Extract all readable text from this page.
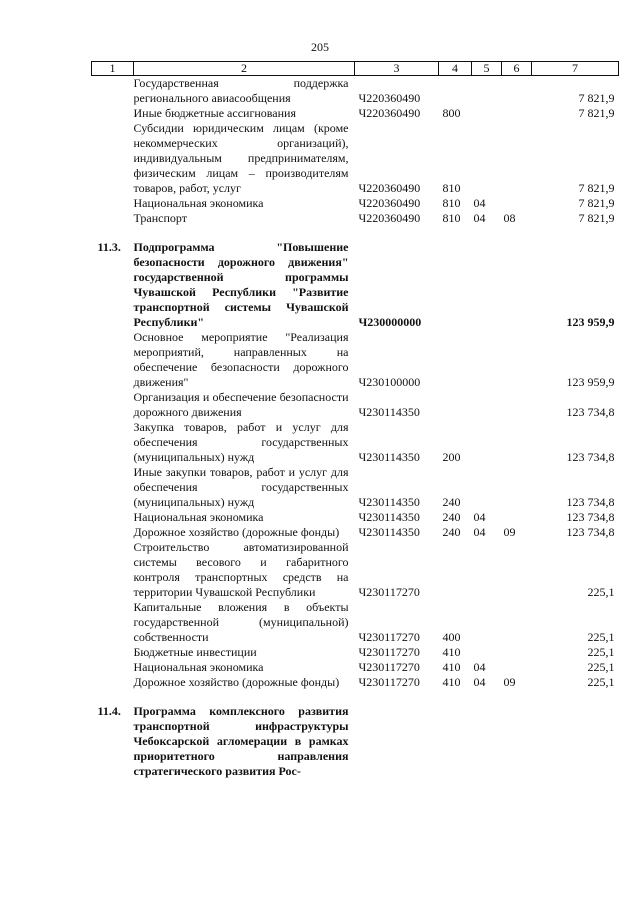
205
1	2	3	4	5	6	7
	Государственная поддержка регионального авиасообщения	Ч220360490				7 821,9
	Иные бюджетные ассигнования	Ч220360490	800			7 821,9
	Субсидии юридическим лицам (кроме некоммерческих организаций), индивидуальным предпринимателям, физическим лицам – производителям товаров, работ, услуг	Ч220360490	810			7 821,9
	Национальная экономика	Ч220360490	810	04		7 821,9
	Транспорт	Ч220360490	810	04	08	7 821,9

11.3.	Подпрограмма "Повышение безопасности дорожного движения" государственной программы Чувашской Республики "Развитие транспортной системы Чувашской Республики"	Ч230000000				123 959,9
	Основное мероприятие "Реализация мероприятий, направленных на обеспечение безопасности дорожного движения"	Ч230100000				123 959,9
	Организация и обеспечение безопасности дорожного движения	Ч230114350				123 734,8
	Закупка товаров, работ и услуг для обеспечения государственных (муниципальных) нужд	Ч230114350	200			123 734,8
	Иные закупки товаров, работ и услуг для обеспечения государственных (муниципальных) нужд	Ч230114350	240			123 734,8
	Национальная экономика	Ч230114350	240	04		123 734,8
	Дорожное хозяйство (дорожные фонды)	Ч230114350	240	04	09	123 734,8
	Строительство автоматизированной системы весового и габаритного контроля транспортных средств на территории Чувашской Республики	Ч230117270				225,1
	Капитальные вложения в объекты государственной (муниципальной) собственности	Ч230117270	400			225,1
	Бюджетные инвестиции	Ч230117270	410			225,1
	Национальная экономика	Ч230117270	410	04		225,1
	Дорожное хозяйство (дорожные фонды)	Ч230117270	410	04	09	225,1

11.4.	Программа комплексного развития транспортной инфраструктуры Чебоксарской агломерации в рамках приоритетного направления стратегического развития Рос-					
